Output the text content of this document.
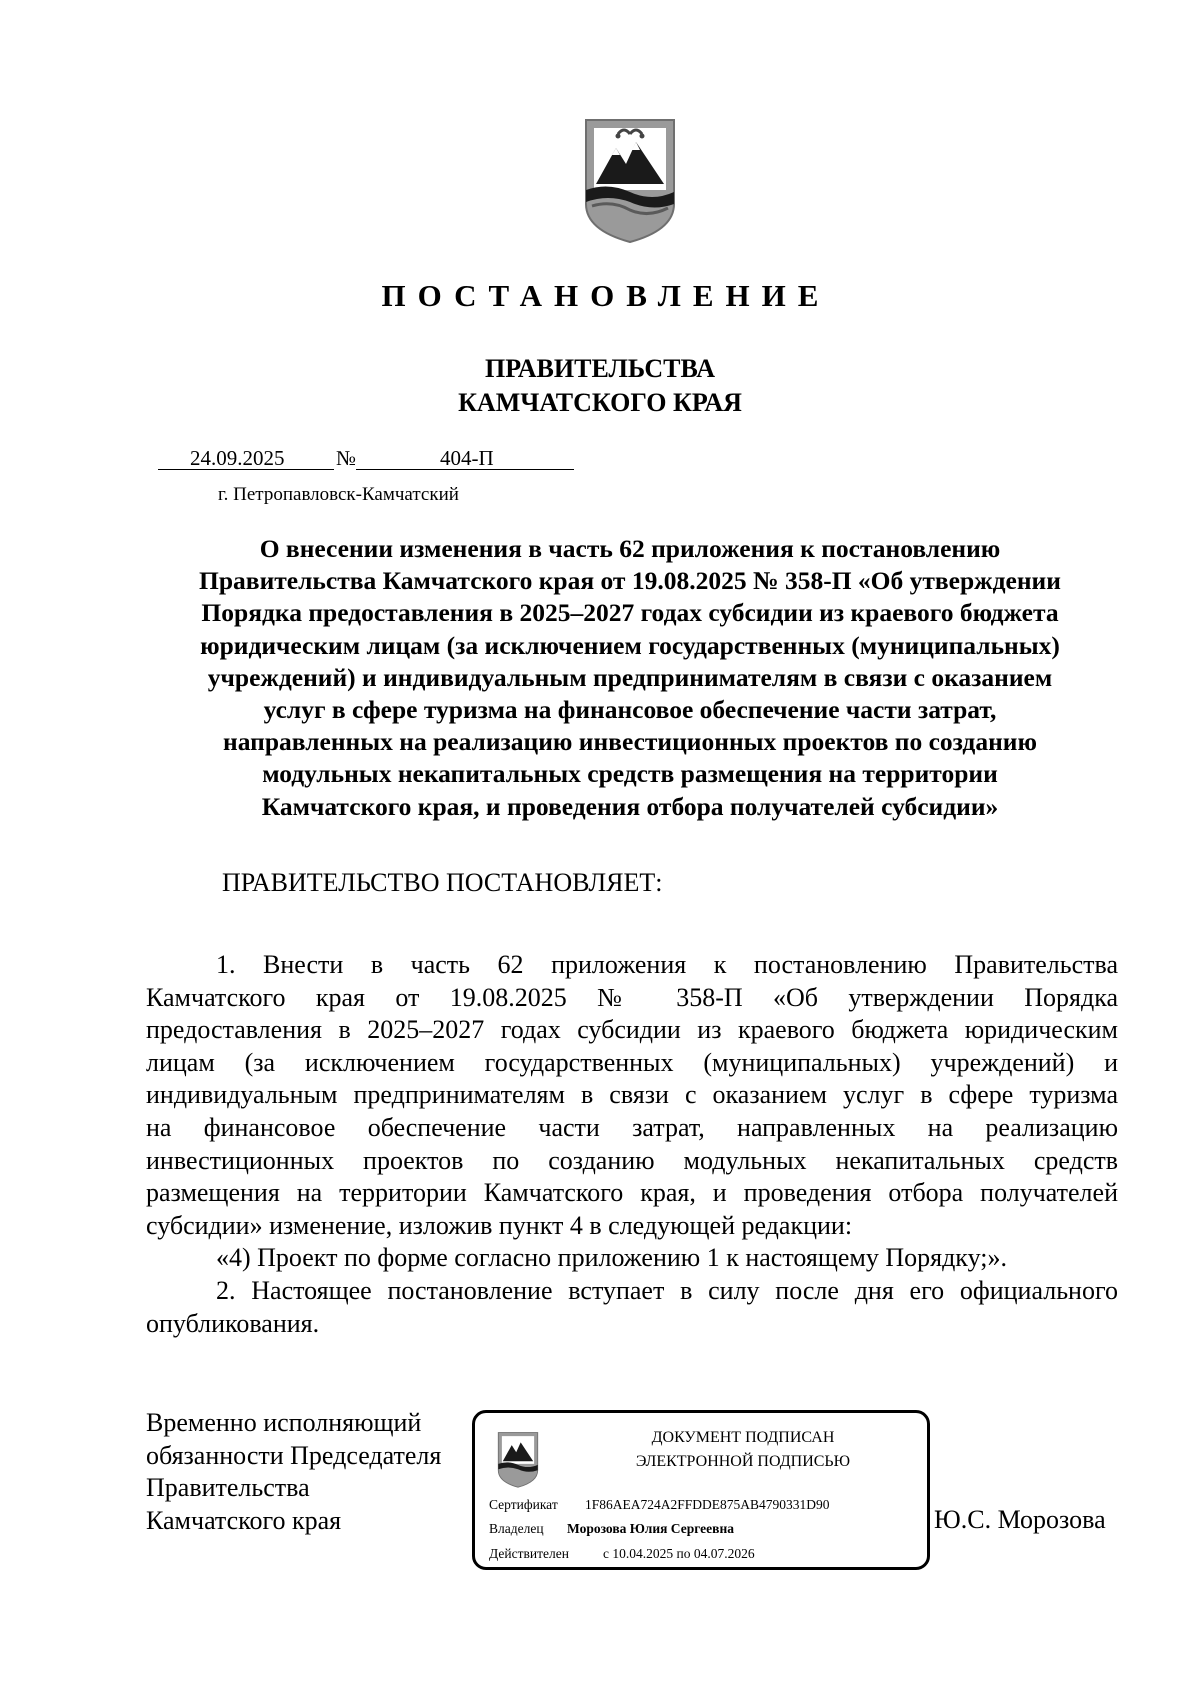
ПОСТАНОВЛЕНИЕ
ПРАВИТЕЛЬСТВА
КАМЧАТСКОГО КРАЯ
24.09.2025 №	404-П
г. Петропавловск-Камчатский
О внесении изменения в часть 62 приложения к постановлению
Правительства Камчатского края от 19.08.2025 № 358-П «Об утверждении
Порядка предоставления в 2025–2027 годах субсидии из краевого бюджета
юридическим лицам (за исключением государственных (муниципальных)
учреждений) и индивидуальным предпринимателям в связи с оказанием
услуг в сфере туризма на финансовое обеспечение части затрат,
направленных на реализацию инвестиционных проектов по созданию
модульных некапитальных средств размещения на территории
Камчатского края, и проведения отбора получателей субсидии»
ПРАВИТЕЛЬСТВО ПОСТАНОВЛЯЕТ:
1. Внести в часть 62 приложения к постановлению Правительства
Камчатского края от 19.08.2025 № 358-П «Об утверждении Порядка
предоставления в 2025–2027 годах субсидии из краевого бюджета юридическим
лицам (за исключением государственных (муниципальных) учреждений) и
индивидуальным предпринимателям в связи с оказанием услуг в сфере туризма
на финансовое обеспечение части затрат, направленных на реализацию
инвестиционных проектов по созданию модульных некапитальных средств
размещения на территории Камчатского края, и проведения отбора получателей
субсидии» изменение, изложив пункт 4 в следующей редакции:
«4) Проект по форме согласно приложению 1 к настоящему Порядку;».
2. Настоящее постановление вступает в силу после дня его официального
опубликования.
Временно исполняющий
обязанности Председателя
Правительства
Камчатского края	Ю.С. Морозова
ДОКУМЕНТ ПОДПИСАН
ЭЛЕКТРОННОЙ ПОДПИСЬЮ
Сертификат 1F86AEA724A2FFDDE875AB4790331D90
Владелец Морозова Юлия Сергеевна
Действителен	с 10.04.2025 по 04.07.2026
